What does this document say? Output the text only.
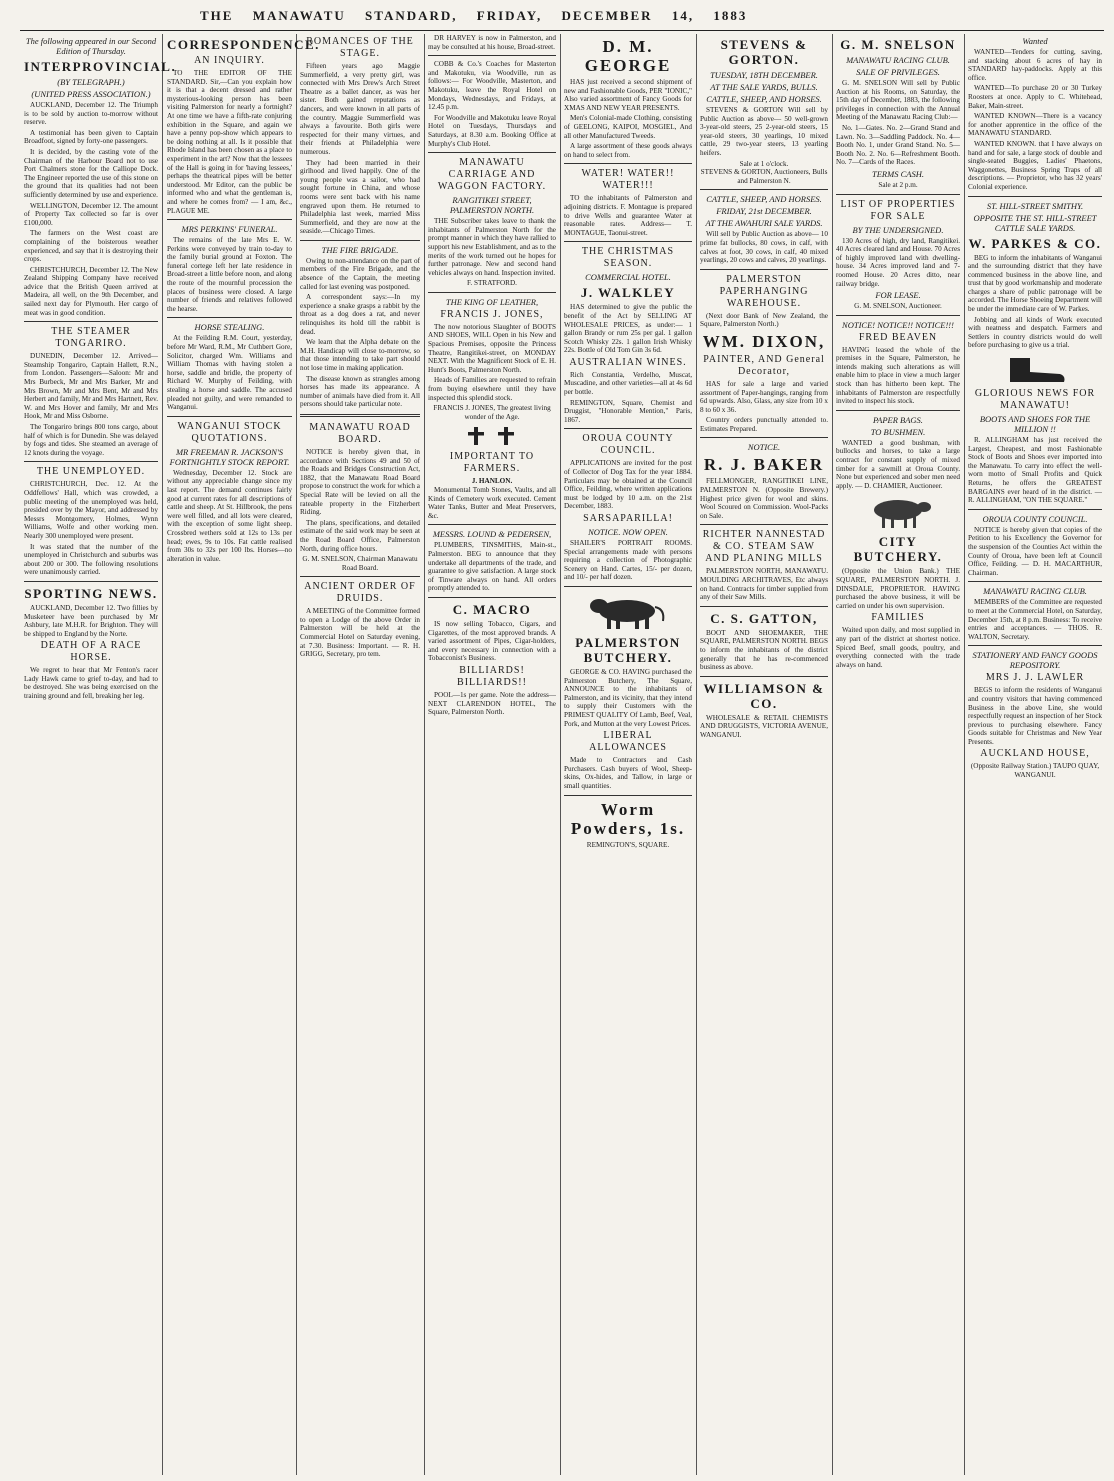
THE MANAWATU STANDARD, FRIDAY, DECEMBER 14, 1883
The following appeared in our Second Edition of Thursday.
INTERPROVINCIAL.
(BY TELEGRAPH.)
(UNITED PRESS ASSOCIATION.)

AUCKLAND, December 12. The Triumph is to be sold by auction to-morrow without reserve.

A testimonial has been given to Captain Broadfoot, signed by forty-one passengers.

It is decided, by the casting vote of the Chairman of the Harbour Board not to use Port Chalmers stone for the Calliope Dock. The Engineer reported the use of this stone on the ground that its qualities had not been sufficiently determined by use and experience.

WELLINGTON, December 12. The amount of Property Tax collected so far is over £100,000.

The farmers on the West coast are complaining of the boisterous weather experienced, and say that it is destroying their crops.

CHRISTCHURCH, December 12. The New Zealand Shipping Company have received advice that the British Queen arrived at Madeira, all well, on the 9th December, and sailed next day for Plymouth. Her cargo of meat was in good condition.

THE STEAMER TONGARIRO.

DUNEDIN, December 12. Arrived—Steamship Tongariro, Captain Hallett, R.N., from London. Passengers—Saloon: Mr and Mrs Burbeck, Mr and Mrs Barker, Mr and Mrs Brown, Mr and Mrs Bent, Mr and Mrs Herbert and family, Mr and Mrs Hartnett, Rev. W. and Mrs Hover and family, Mr and Mrs Hook, Mr and Miss Osborne.

The Tongariro brings 800 tons cargo, about half of which is for Dunedin. She was delayed by fogs and tides. She steamed an average of 12 knots during the voyage.

THE UNEMPLOYED.

CHRISTCHURCH, Dec. 12. At the Oddfellows' Hall, which was crowded, a public meeting of the unemployed was held, presided over by the Mayor, and addressed by Messrs Montgomery, Holmes, Wynn Williams, Wolfe and other working men. Nearly 300 unemployed were present.

It was stated that the number of the unemployed in Christchurch and suburbs was about 200 or 300. The following resolutions were unanimously carried.

SPORTING NEWS.

AUCKLAND, December 12. Two fillies by Musketeer have been purchased by Mr Ashbury, late M.H.R. for Brighton. They will be shipped to England by the Norte.

DEATH OF A RACE HORSE.

We regret to hear that Mr Fenton's racer Lady Hawk came to grief to-day, and had to be destroyed. She was being exercised on the training ground and fell, breaking her leg.

CORRESPONDENCE.
AN INQUIRY.

TO THE EDITOR OF THE STANDARD. Sir,—Can you explain how it is that a decent dressed and rather mysterious-looking person has been visiting Palmerston for nearly a fortnight? At one time we have a fifth-rate conjuring exhibition in the Square, and again we have a penny pop-show which appears to be doing nothing at all. Is it possible that Rhode Island has been chosen as a place to experiment in the art? Now that the lessees of the Hall is going in for 'having lessees,' perhaps the theatrical pipes will be better understood. Mr Editor, can the public be informed who and what the gentleman is, and where he comes from? — I am, &c., PLAGUE ME.

MRS PERKINS' FUNERAL.

The remains of the late Mrs E. W. Perkins were conveyed by train to-day to the family burial ground at Foxton. The funeral cortege left her late residence in Broad-street a little before noon, and along the route of the mournful procession the places of business were closed. A large number of friends and relatives followed the hearse.

HORSE STEALING.

At the Feilding R.M. Court, yesterday, before Mr Ward, R.M., Mr Cuthbert Gore, Solicitor, charged Wm. Williams and William Thomas with having stolen a horse, saddle and bridle, the property of Richard W. Murphy of Feilding, with stealing a horse and saddle. The accused pleaded not guilty, and were remanded to Wanganui.

WANGANUI STOCK QUOTATIONS.
MR FREEMAN R. JACKSON'S FORTNIGHTLY STOCK REPORT.

Wednesday, December 12. Stock are without any appreciable change since my last report. The demand continues fairly good at current rates for all descriptions of cattle and sheep. At St. Hillbrook, the pens were well filled, and all lots were cleared, with the exception of some light sheep. Crossbred wethers sold at 12s to 13s per head; ewes, 9s to 10s. Fat cattle realised from 30s to 32s per 100 lbs. Horses—no alteration in value.

ROMANCES OF THE STAGE.

Fifteen years ago Maggie Summerfield, a very pretty girl, was connected with Mrs Drew's Arch Street Theatre as a ballet dancer, as was her sister. Both gained reputations as dancers, and were known in all parts of the country. Maggie Summerfield was always a favourite. Both girls were respected for their many virtues, and their friends at Philadelphia were numerous.

They had been married in their girlhood and lived happily. One of the young people was a sailor, who had sought fortune in China, and whose rooms were sent back with his name engraved upon them. He returned to Philadelphia last week, married Miss Summerfield, and they are now at the seaside.—Chicago Times.

THE FIRE BRIGADE.

Owing to non-attendance on the part of members of the Fire Brigade, and the absence of the Captain, the meeting called for last evening was postponed.

A correspondent says:—In my experience a snake grasps a rabbit by the throat as a dog does a rat, and never relinquishes its hold till the rabbit is dead.

We learn that the Alpha debate on the M.H. Handicap will close to-morrow, so that those intending to take part should not lose time in making application.

The disease known as strangles among horses has made its appearance. A number of animals have died from it. All persons should take particular note.

MANAWATU ROAD BOARD.

NOTICE is hereby given that, in accordance with Sections 49 and 50 of the Roads and Bridges Construction Act, 1882, that the Manawatu Road Board propose to construct the work for which a Special Rate will be levied on all the rateable property in the Fitzherbert Riding.

The plans, specifications, and detailed estimate of the said work may be seen at the Road Board Office, Palmerston North, during office hours.

G. M. SNELSON, Chairman Manawatu Road Board.
ANCIENT ORDER OF DRUIDS.

A MEETING of the Committee formed to open a Lodge of the above Order in Palmerston will be held at the Commercial Hotel on Saturday evening, at 7.30. Business: Important. — R. H. GRIGG, Secretary, pro tem.

DR HARVEY is now in Palmerston, and may be consulted at his house, Broad-street.

COBB & Co.'s Coaches for Masterton and Makotuku, via Woodville, run as follows:— For Woodville, Masterton, and Makotuku, leave the Royal Hotel on Mondays, Wednesdays, and Fridays, at 12.45 p.m.

For Woodville and Makotuku leave Royal Hotel on Tuesdays, Thursdays and Saturdays, at 8.30 a.m. Booking Office at Murphy's Club Hotel.

MANAWATU CARRIAGE AND WAGGON FACTORY.
RANGITIKEI STREET, PALMERSTON NORTH.

THE Subscriber takes leave to thank the inhabitants of Palmerston North for the prompt manner in which they have rallied to support his new Establishment, and as to the merits of the work turned out he hopes for further patronage. New and second hand vehicles always on hand. Inspection invited.

F. STRATFORD.
THE KING OF LEATHER,
FRANCIS J. JONES,

The now notorious Slaughter of BOOTS AND SHOES, WILL Open in his New and Spacious Premises, opposite the Princess Theatre, Rangitikei-street, on MONDAY NEXT. With the Magnificent Stock of E. H. Hunt's Boots, Palmerston North.

Heads of Families are requested to refrain from buying elsewhere until they have inspected this splendid stock.

FRANCIS J. JONES, The greatest living wonder of the Age.
IMPORTANT TO FARMERS.
J. HANLON.

Monumental Tomb Stones, Vaults, and all Kinds of Cemetery work executed. Cement Water Tanks, Butter and Meat Preservers, &c.

MESSRS. LOUND & PEDERSEN,

PLUMBERS, TINSMITHS, Main-st., Palmerston. BEG to announce that they undertake all departments of the trade, and guarantee to give satisfaction. A large stock of Tinware always on hand. All orders promptly attended to.

C. MACRO

IS now selling Tobacco, Cigars, and Cigarettes, of the most approved brands. A varied assortment of Pipes, Cigar-holders, and every necessary in connection with a Tobacconist's Business.

BILLIARDS! BILLIARDS!!

POOL—1s per game. Note the address— NEXT CLARENDON HOTEL, The Square, Palmerston North.

D. M. GEORGE

HAS just received a second shipment of new and Fashionable Goods, PER "IONIC," Also varied assortment of Fancy Goods for XMAS AND NEW YEAR PRESENTS.

Men's Colonial-made Clothing, consisting of GEELONG, KAIPOI, MOSGIEL, And all other Manufactured Tweeds.

A large assortment of these goods always on hand to select from.

WATER! WATER!! WATER!!!

TO the inhabitants of Palmerston and adjoining districts. F. Montague is prepared to drive Wells and guarantee Water at reasonable rates. Address— T. MONTAGUE, Taonui-street.

THE CHRISTMAS SEASON.
COMMERCIAL HOTEL.
J. WALKLEY

HAS determined to give the public the benefit of the Act by SELLING AT WHOLESALE PRICES, as under:— 1 gallon Brandy or rum 25s per gal. 1 gallon Scotch Whisky 22s. 1 gallon Irish Whisky 22s. Bottle of Old Tom Gin 3s 6d.

AUSTRALIAN WINES.

Rich Constantia, Verdelho, Muscat, Muscadine, and other varieties—all at 4s 6d per bottle.

REMINGTON, Square, Chemist and Druggist, "Honorable Mention," Paris, 1867.

OROUA COUNTY COUNCIL.

APPLICATIONS are invited for the post of Collector of Dog Tax for the year 1884. Particulars may be obtained at the Council Office, Feilding, where written applications must be lodged by 10 a.m. on the 21st December, 1883.

SARSAPARILLA!
NOTICE. NOW OPEN.

SHAILER'S PORTRAIT ROOMS. Special arrangements made with persons requiring a collection of Photographic Scenery on Hand. Cartes, 15/- per dozen, and 10/- per half dozen.

PALMERSTON BUTCHERY.

GEORGE & CO. HAVING purchased the Palmerston Butchery, The Square, ANNOUNCE to the inhabitants of Palmerston, and its vicinity, that they intend to supply their Customers with the PRIMEST QUALITY Of Lamb, Beef, Veal, Pork, and Mutton at the very Lowest Prices.

LIBERAL ALLOWANCES

Made to Contractors and Cash Purchasers. Cash buyers of Wool, Sheep-skins, Ox-hides, and Tallow, in large or small quantities.

Worm Powders, 1s.
REMINGTON'S, SQUARE.
STEVENS & GORTON.
TUESDAY, 18TH DECEMBER.
AT THE SALE YARDS, BULLS.
CATTLE, SHEEP, AND HORSES.

STEVENS & GORTON Will sell by Public Auction as above— 50 well-grown 3-year-old steers, 25 2-year-old steers, 15 year-old steers, 30 yearlings, 10 mixed cattle, 29 two-year steers, 13 yearling heifers.

Sale at 1 o'clock.
STEVENS & GORTON, Auctioneers, Bulls and Palmerston N.
CATTLE, SHEEP, AND HORSES.
FRIDAY, 21st DECEMBER.
AT THE AWAHURI SALE YARDS.

Will sell by Public Auction as above— 10 prime fat bullocks, 80 cows, in calf, with calves at foot, 30 cows, in calf, 40 mixed yearlings, 20 cows and calves, 20 yearlings.

PALMERSTON PAPERHANGING WAREHOUSE.

(Next door Bank of New Zealand, the Square, Palmerston North.)

WM. DIXON,
PAINTER, AND General Decorator,

HAS for sale a large and varied assortment of Paper-hangings, ranging from 6d upwards. Also, Glass, any size from 10 x 8 to 60 x 36.

Country orders punctually attended to. Estimates Prepared.

NOTICE.
R. J. BAKER

FELLMONGER, RANGITIKEI LINE, PALMERSTON N. (Opposite Brewery.) Highest price given for wool and skins. Wool Scoured on Commission. Wool-Packs on Sale.

RICHTER NANNESTAD & CO. STEAM SAW AND PLANING MILLS

PALMERSTON NORTH, MANAWATU. MOULDING ARCHITRAVES, Etc always on hand. Contracts for timber supplied from any of their Saw Mills.

C. S. GATTON,

BOOT AND SHOEMAKER, THE SQUARE, PALMERSTON NORTH. BEGS to inform the inhabitants of the district generally that he has re-commenced business as above.

WILLIAMSON & CO.

WHOLESALE & RETAIL CHEMISTS AND DRUGGISTS, VICTORIA AVENUE, WANGANUI.

G. M. SNELSON
MANAWATU RACING CLUB.
SALE OF PRIVILEGES.

G. M. SNELSON Will sell by Public Auction at his Rooms, on Saturday, the 15th day of December, 1883, the following privileges in connection with the Annual Meeting of the Manawatu Racing Club:—

No. 1—Gates. No. 2—Grand Stand and Lawn. No. 3—Saddling Paddock. No. 4—Booth No. 1, under Grand Stand. No. 5—Booth No. 2. No. 6—Refreshment Booth. No. 7—Cards of the Races.

TERMS CASH.
Sale at 2 p.m.
LIST OF PROPERTIES FOR SALE
BY THE UNDERSIGNED.

130 Acres of high, dry land, Rangitikei. 40 Acres cleared land and House. 70 Acres of highly improved land with dwelling-house. 34 Acres improved land and 7-roomed House. 20 Acres ditto, near railway bridge.

FOR LEASE.
G. M. SNELSON, Auctioneer.
NOTICE! NOTICE!! NOTICE!!!
FRED BEAVEN

HAVING leased the whole of the premises in the Square, Palmerston, he intends making such alterations as will enable him to place in view a much larger stock than has hitherto been kept. The inhabitants of Palmerston are respectfully invited to inspect his stock.

PAPER BAGS.
TO BUSHMEN.

WANTED a good bushman, with bullocks and horses, to take a large contract for constant supply of mixed timber for a sawmill at Oroua County. None but experienced and sober men need apply. — D. CHAMIER, Auctioneer.

CITY BUTCHERY.

(Opposite the Union Bank.) THE SQUARE, PALMERSTON NORTH. J. DINSDALE, PROPRIETOR. HAVING purchased the above business, it will be carried on under his own supervision.

FAMILIES

Waited upon daily, and most supplied in any part of the district at shortest notice. Spiced Beef, small goods, poultry, and everything connected with the trade always on hand.

Wanted

WANTED—Tenders for cutting, saving, and stacking about 6 acres of hay in STANDARD hay-paddocks. Apply at this office.

WANTED—To purchase 20 or 30 Turkey Roosters at once. Apply to C. Whitehead, Baker, Main-street.

WANTED KNOWN—There is a vacancy for another apprentice in the office of the MANAWATU STANDARD.

WANTED KNOWN. that I have always on hand and for sale, a large stock of double and single-seated Buggies, Ladies' Phaetons, Waggonettes, Business Spring Traps of all descriptions. — Proprietor, who has 32 years' Colonial experience.

ST. HILL-STREET SMITHY.
OPPOSITE THE ST. HILL-STREET CATTLE SALE YARDS.
W. PARKES & CO.

BEG to inform the inhabitants of Wanganui and the surrounding district that they have commenced business in the above line, and trust that by good workmanship and moderate charges a share of public patronage will be accorded. The Horse Shoeing Department will be under the immediate care of W. Parkes.

Jobbing and all kinds of Work executed with neatness and despatch. Farmers and Settlers in country districts would do well before purchasing to give us a trial.

GLORIOUS NEWS FOR MANAWATU!
BOOTS AND SHOES FOR THE MILLION !!

R. ALLINGHAM has just received the Largest, Cheapest, and most Fashionable Stock of Boots and Shoes ever imported into the Manawatu. To carry into effect the well-worn motto of Small Profits and Quick Returns, he offers the GREATEST BARGAINS ever heard of in the district. — R. ALLINGHAM, "ON THE SQUARE."

OROUA COUNTY COUNCIL.

NOTICE is hereby given that copies of the Petition to his Excellency the Governor for the suspension of the Counties Act within the County of Oroua, have been left at Council Office, Feilding. — D. H. MACARTHUR, Chairman.

MANAWATU RACING CLUB.

MEMBERS of the Committee are requested to meet at the Commercial Hotel, on Saturday, December 15th, at 8 p.m. Business: To receive entries and acceptances. — THOS. R. WALTON, Secretary.

STATIONERY AND FANCY GOODS REPOSITORY.
MRS J. J. LAWLER

BEGS to inform the residents of Wanganui and country visitors that having commenced Business in the above Line, she would respectfully request an inspection of her Stock previous to purchasing elsewhere. Fancy Goods suitable for Christmas and New Year Presents.

AUCKLAND HOUSE,
(Opposite Railway Station.) TAUPO QUAY, WANGANUI.
